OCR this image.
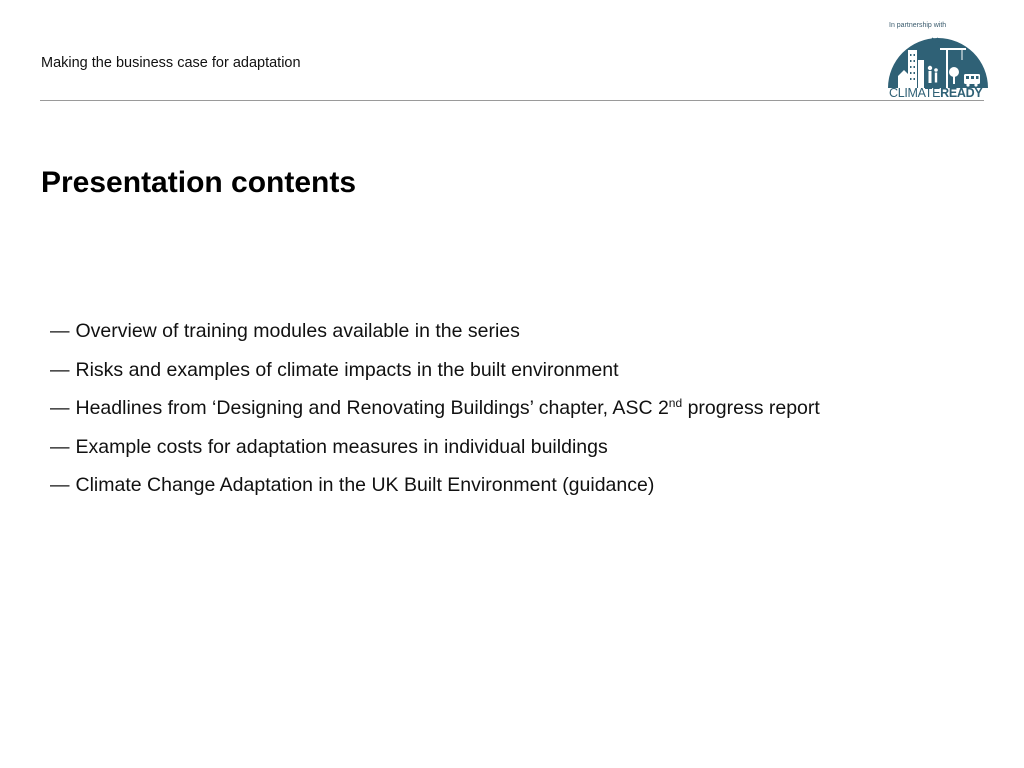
Making the business case for adaptation
In partnership with
CLIMATEREADY
Presentation contents
— Overview of training modules available in the series
— Risks and examples of climate impacts in the built environment
— Headlines from ‘Designing and Renovating Buildings’ chapter, ASC 2nd progress report
— Example costs for adaptation measures in individual buildings
— Climate Change Adaptation in the UK Built Environment (guidance)
